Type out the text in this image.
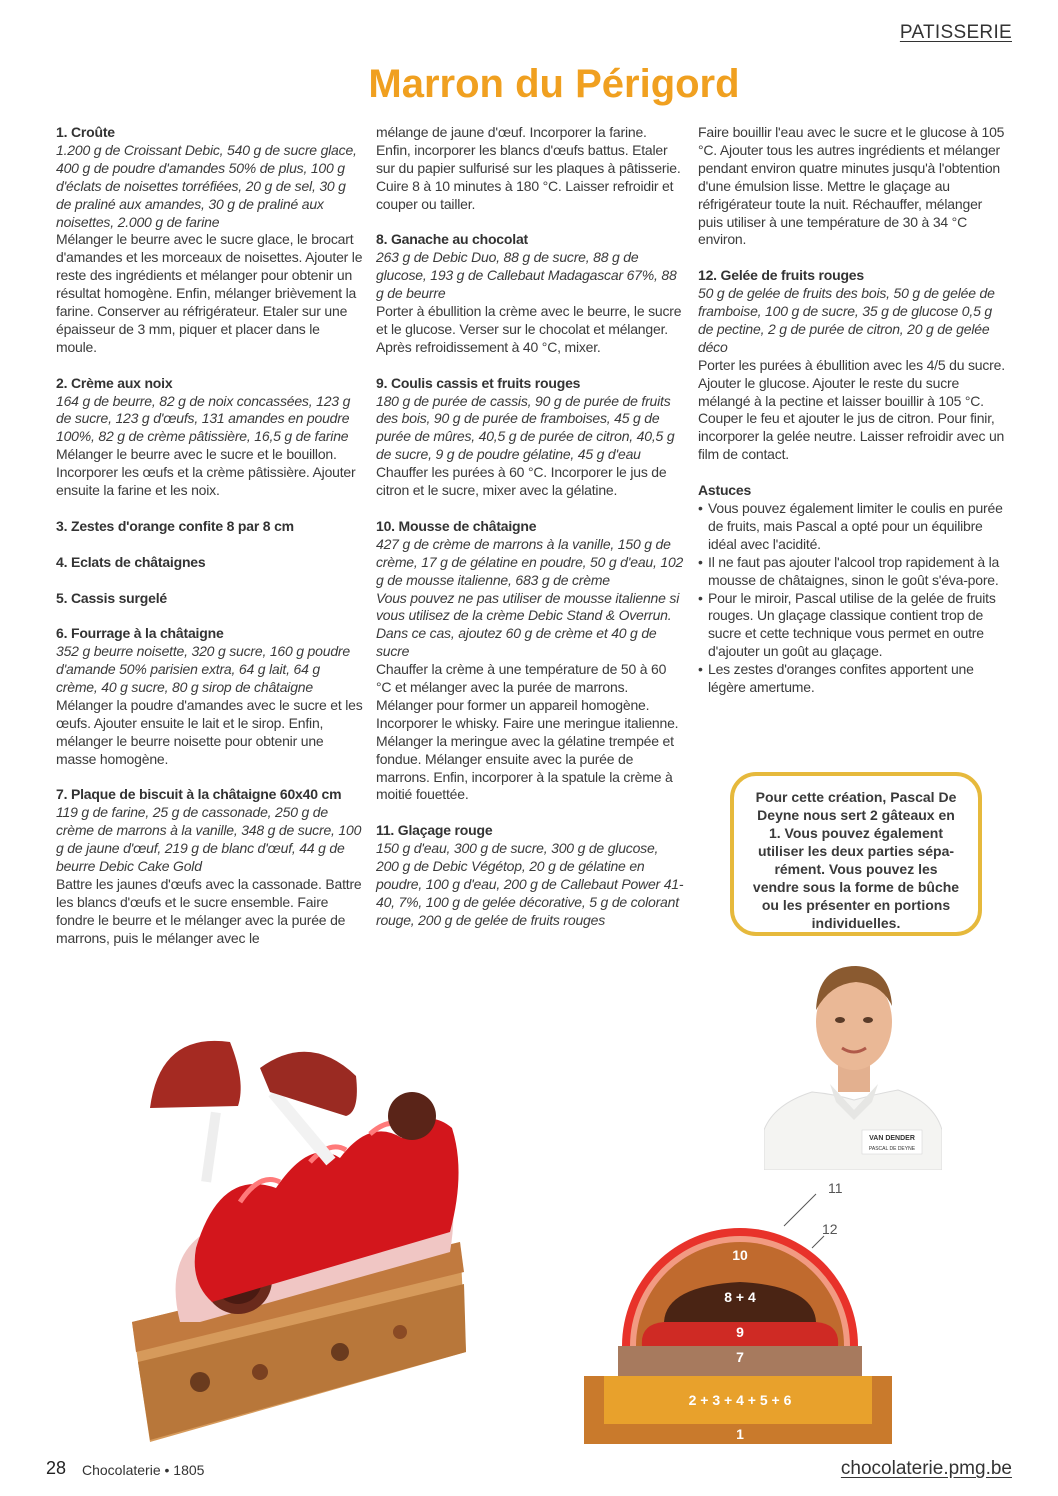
PATISSERIE
Marron du Périgord

1. Croûte

1.200 g de Croissant Debic, 540 g de sucre glace, 400 g de poudre d'amandes 50% de plus, 100 g d'éclats de noisettes torréfiées, 20 g de sel, 30 g de praliné aux amandes, 30 g de praliné aux noisettes, 2.000 g de farine

Mélanger le beurre avec le sucre glace, le brocart d'amandes et les morceaux de noisettes. Ajouter le reste des ingrédients et mélanger pour obtenir un résultat homogène. Enfin, mélanger brièvement la farine. Conserver au réfrigérateur. Etaler sur une épaisseur de 3 mm, piquer et placer dans le moule.

2. Crème aux noix

164 g de beurre, 82 g de noix concassées, 123 g de sucre, 123 g d'œufs, 131 amandes en poudre 100%, 82 g de crème pâtissière, 16,5 g de farine

Mélanger le beurre avec le sucre et le bouillon. Incorporer les œufs et la crème pâtissière. Ajouter ensuite la farine et les noix.

3. Zestes d'orange confite 8 par 8 cm

4. Eclats de châtaignes

5. Cassis surgelé

6. Fourrage à la châtaigne

352 g beurre noisette, 320 g sucre, 160 g poudre d'amande 50% parisien extra, 64 g lait, 64 g crème, 40 g sucre, 80 g sirop de châtaigne

Mélanger la poudre d'amandes avec le sucre et les œufs. Ajouter ensuite le lait et le sirop. Enfin, mélanger le beurre noisette pour obtenir une masse homogène.

7. Plaque de biscuit à la châtaigne 60x40 cm

119 g de farine, 25 g de cassonade, 250 g de crème de marrons à la vanille, 348 g de sucre, 100 g de jaune d'œuf, 219 g de blanc d'œuf, 44 g de beurre Debic Cake Gold

Battre les jaunes d'œufs avec la cassonade. Battre les blancs d'œufs et le sucre ensemble. Faire fondre le beurre et le mélanger avec la purée de marrons, puis le mélanger avec le

mélange de jaune d'œuf. Incorporer la farine. Enfin, incorporer les blancs d'œufs battus. Etaler sur du papier sulfurisé sur les plaques à pâtisserie. Cuire 8 à 10 minutes à 180 °C. Laisser refroidir et couper ou tailler.

8. Ganache au chocolat

263 g de Debic Duo, 88 g de sucre, 88 g de glucose, 193 g de Callebaut Madagascar 67%, 88 g de beurre

Porter à ébullition la crème avec le beurre, le sucre et le glucose. Verser sur le chocolat et mélanger. Après refroidissement à 40 °C, mixer.

9. Coulis cassis et fruits rouges

180 g de purée de cassis, 90 g de purée de fruits des bois, 90 g de purée de framboises, 45 g de purée de mûres, 40,5 g de purée de citron, 40,5 g de sucre, 9 g de poudre gélatine, 45 g d'eau

Chauffer les purées à 60 °C. Incorporer le jus de citron et le sucre, mixer avec la gélatine.

10. Mousse de châtaigne

427 g de crème de marrons à la vanille, 150 g de crème, 17 g de gélatine en poudre, 50 g d'eau, 102 g de mousse italienne, 683 g de crème

Vous pouvez ne pas utiliser de mousse italienne si vous utilisez de la crème Debic Stand & Overrun. Dans ce cas, ajoutez 60 g de crème et 40 g de sucre

Chauffer la crème à une température de 50 à 60 °C et mélanger avec la purée de marrons. Mélanger pour former un appareil homogène. Incorporer le whisky. Faire une meringue italienne. Mélanger la meringue avec la gélatine trempée et fondue. Mélanger ensuite avec la purée de marrons. Enfin, incorporer à la spatule la crème à moitié fouettée.

11. Glaçage rouge

150 g d'eau, 300 g de sucre, 300 g de glucose, 200 g de Debic Végétop, 20 g de gélatine en poudre, 100 g d'eau, 200 g de Callebaut Power 41-40, 7%, 100 g de gelée décorative, 5 g de colorant rouge, 200 g de gelée de fruits rouges

Faire bouillir l'eau avec le sucre et le glucose à 105 °C. Ajouter tous les autres ingrédients et mélanger pendant environ quatre minutes jusqu'à l'obtention d'une émulsion lisse. Mettre le glaçage au réfrigérateur toute la nuit. Réchauffer, mélanger puis utiliser à une température de 30 à 34 °C environ.

12. Gelée de fruits rouges

50 g de gelée de fruits des bois, 50 g de gelée de framboise, 100 g de sucre, 35 g de glucose 0,5 g de pectine, 2 g de purée de citron, 20 g de gelée déco

Porter les purées à ébullition avec les 4/5 du sucre. Ajouter le glucose. Ajouter le reste du sucre mélangé à la pectine et laisser bouillir à 105 °C. Couper le feu et ajouter le jus de citron. Pour finir, incorporer la gelée neutre. Laisser refroidir avec un film de contact.

Astuces

• Vous pouvez également limiter le coulis en purée de fruits, mais Pascal a opté pour un équilibre idéal avec l'acidité.
• Il ne faut pas ajouter l'alcool trop rapidement à la mousse de châtaignes, sinon le goût s'éva-pore.
• Pour le miroir, Pascal utilise de la gelée de fruits rouges. Un glaçage classique contient trop de sucre et cette technique vous permet en outre d'ajouter un goût au glaçage.
• Les zestes d'oranges confites apportent une légère amertume.

Pour cette création, Pascal De Deyne nous sert 2 gâteaux en 1. Vous pouvez également utiliser les deux parties sépa-rément. Vous pouvez les vendre sous la forme de bûche ou les présenter en portions individuelles.

VAN DENDER
PASCAL DE DEYNE
11
12
10
8 + 4
9
7
2 + 3 + 4 + 5 + 6
1
28 Chocolaterie • 1805	chocolaterie.pmg.be
